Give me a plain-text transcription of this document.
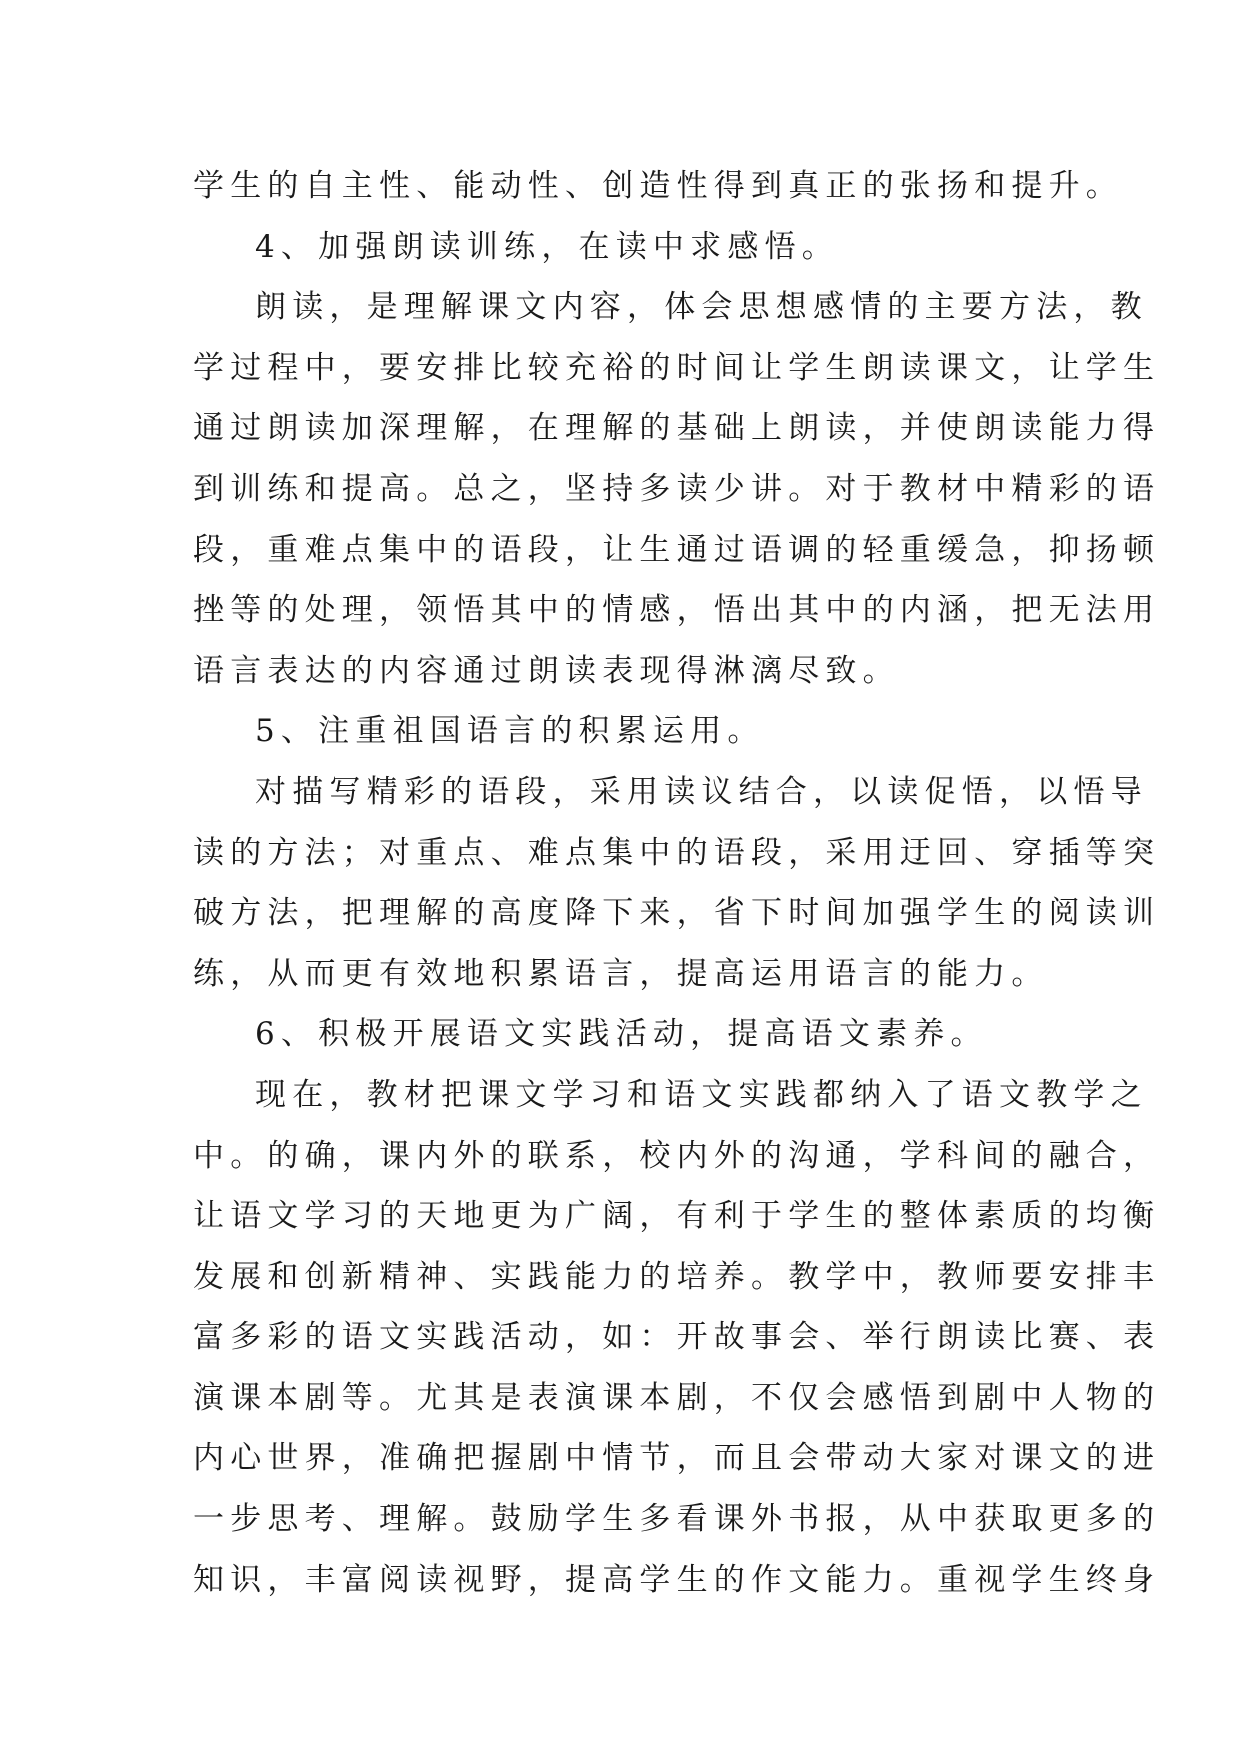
学生的自主性、能动性、创造性得到真正的张扬和提升。
4、加强朗读训练，在读中求感悟。
朗读，是理解课文内容，体会思想感情的主要方法，教
学过程中，要安排比较充裕的时间让学生朗读课文，让学生
通过朗读加深理解，在理解的基础上朗读，并使朗读能力得
到训练和提高。总之，坚持多读少讲。对于教材中精彩的语
段，重难点集中的语段，让生通过语调的轻重缓急，抑扬顿
挫等的处理，领悟其中的情感，悟出其中的内涵，把无法用
语言表达的内容通过朗读表现得淋漓尽致。
5、注重祖国语言的积累运用。
对描写精彩的语段，采用读议结合，以读促悟，以悟导
读的方法；对重点、难点集中的语段，采用迂回、穿插等突
破方法，把理解的高度降下来，省下时间加强学生的阅读训
练，从而更有效地积累语言，提高运用语言的能力。
6、积极开展语文实践活动，提高语文素养。
现在，教材把课文学习和语文实践都纳入了语文教学之
中。的确，课内外的联系，校内外的沟通，学科间的融合，
让语文学习的天地更为广阔，有利于学生的整体素质的均衡
发展和创新精神、实践能力的培养。教学中，教师要安排丰
富多彩的语文实践活动，如：开故事会、举行朗读比赛、表
演课本剧等。尤其是表演课本剧，不仅会感悟到剧中人物的
内心世界，准确把握剧中情节，而且会带动大家对课文的进
一步思考、理解。鼓励学生多看课外书报，从中获取更多的
知识，丰富阅读视野，提高学生的作文能力。重视学生终身
